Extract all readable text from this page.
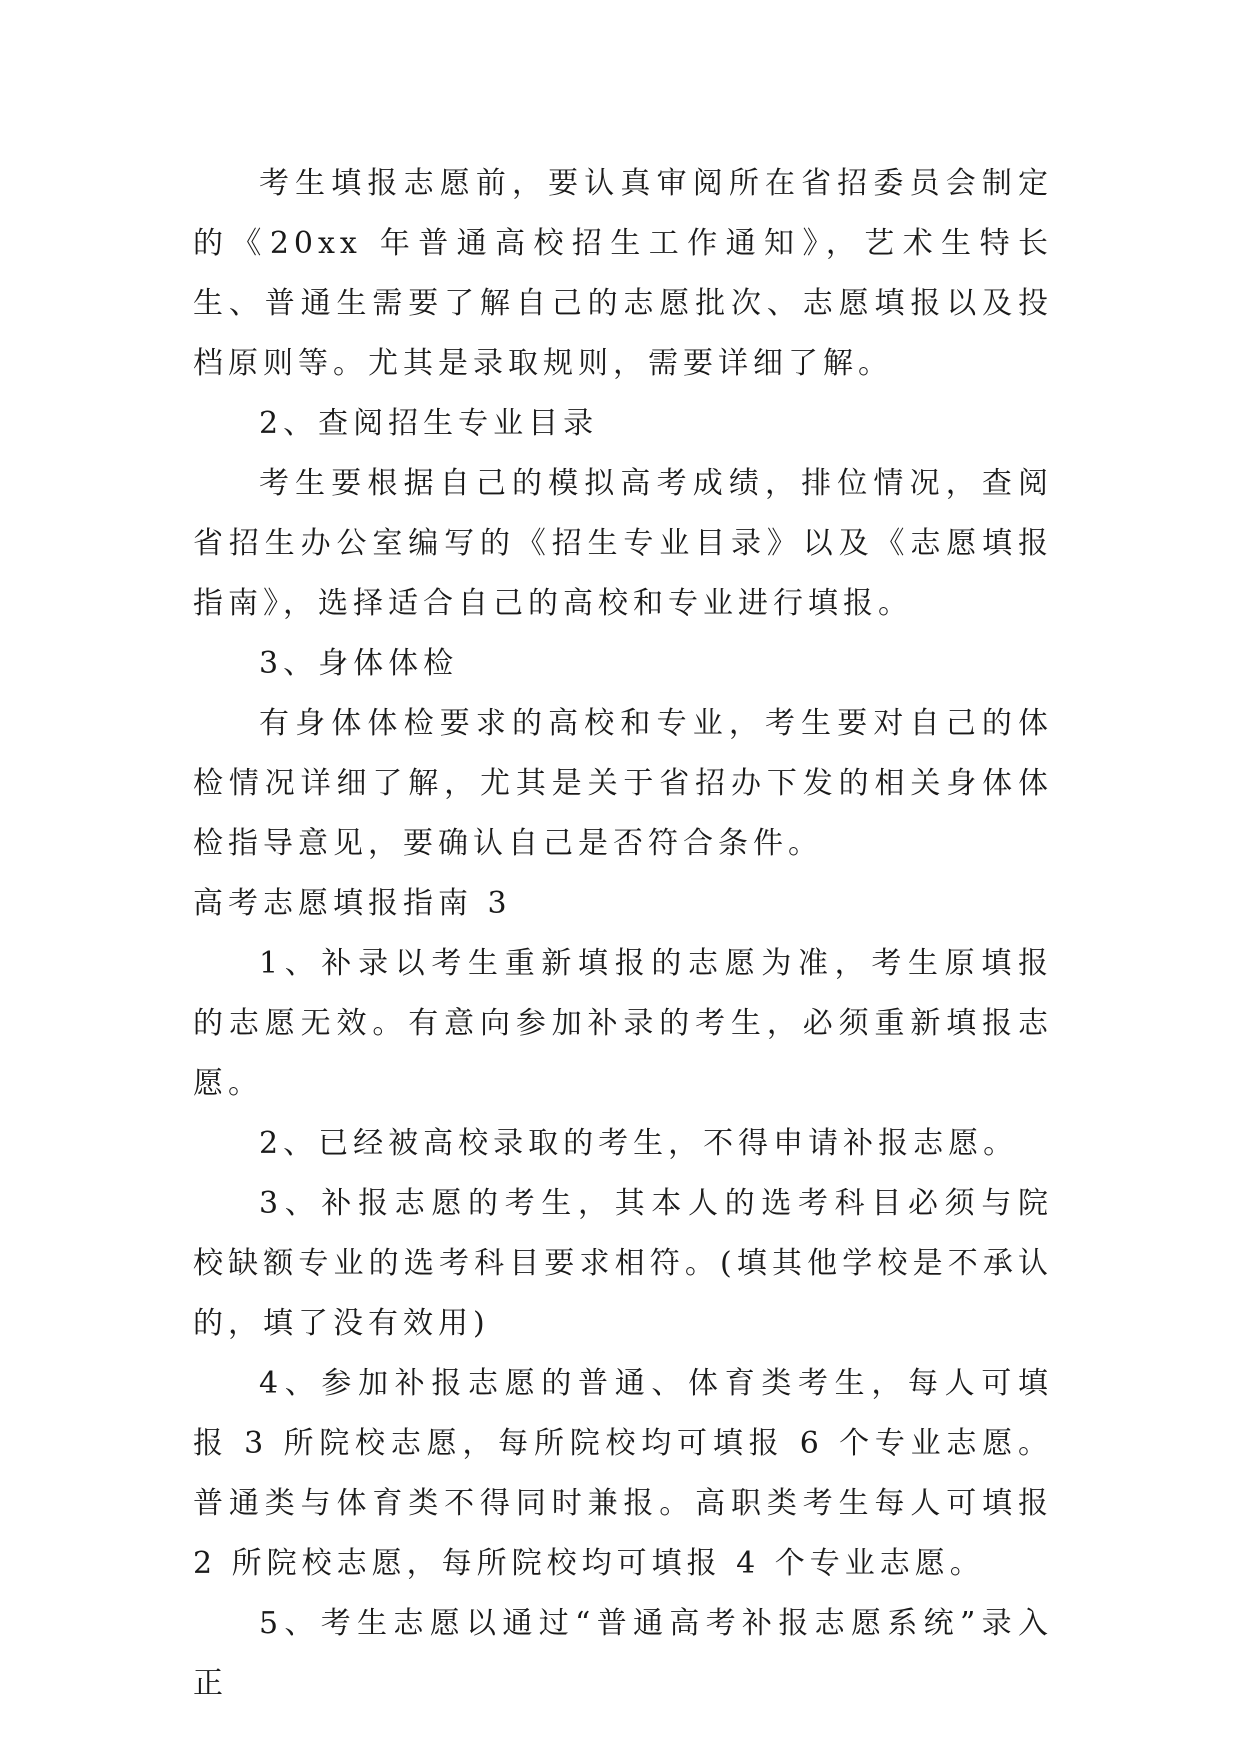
考生填报志愿前，要认真审阅所在省招委员会制定的《20xx 年普通高校招生工作通知》，艺术生特长生、普通生需要了解自己的志愿批次、志愿填报以及投档原则等。尤其是录取规则，需要详细了解。

2、查阅招生专业目录

考生要根据自己的模拟高考成绩，排位情况，查阅省招生办公室编写的《招生专业目录》以及《志愿填报指南》，选择适合自己的高校和专业进行填报。

3、身体体检

有身体体检要求的高校和专业，考生要对自己的体检情况详细了解，尤其是关于省招办下发的相关身体体检指导意见，要确认自己是否符合条件。

高考志愿填报指南 3

1、补录以考生重新填报的志愿为准，考生原填报的志愿无效。有意向参加补录的考生，必须重新填报志愿。

2、已经被高校录取的考生，不得申请补报志愿。

3、补报志愿的考生，其本人的选考科目必须与院校缺额专业的选考科目要求相符。(填其他学校是不承认的，填了没有效用)

4、参加补报志愿的普通、体育类考生，每人可填报 3 所院校志愿，每所院校均可填报 6 个专业志愿。普通类与体育类不得同时兼报。高职类考生每人可填报 2 所院校志愿，每所院校均可填报 4 个专业志愿。

5、考生志愿以通过“普通高考补报志愿系统”录入正
